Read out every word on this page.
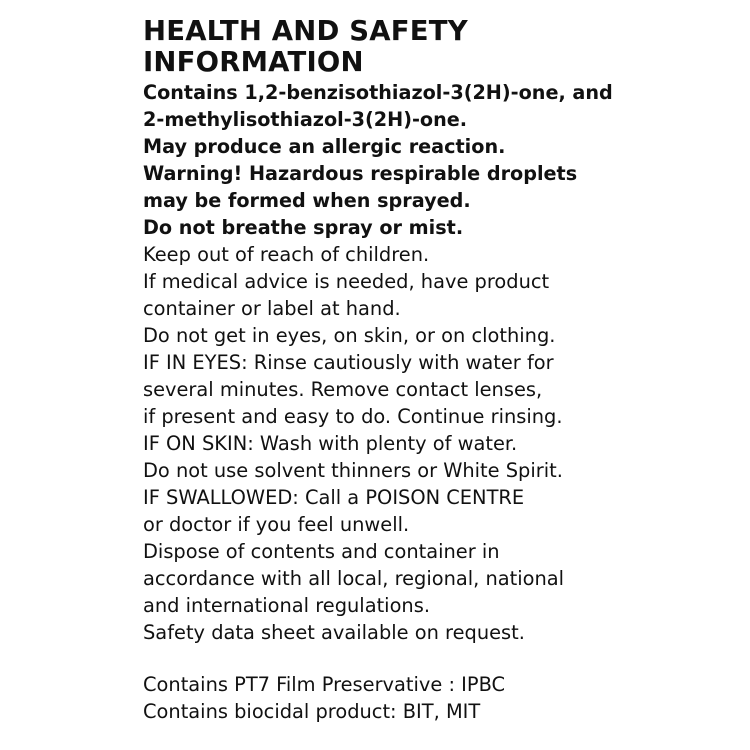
HEALTH AND SAFETY
INFORMATION
Contains 1,2-benzisothiazol-3(2H)-one, and
2-methylisothiazol-3(2H)-one.
May produce an allergic reaction.
Warning! Hazardous respirable droplets
may be formed when sprayed.
Do not breathe spray or mist.
Keep out of reach of children.
If medical advice is needed, have product
container or label at hand.
Do not get in eyes, on skin, or on clothing.
IF IN EYES: Rinse cautiously with water for
several minutes. Remove contact lenses,
if present and easy to do. Continue rinsing.
IF ON SKIN: Wash with plenty of water.
Do not use solvent thinners or White Spirit.
IF SWALLOWED: Call a POISON CENTRE
or doctor if you feel unwell.
Dispose of contents and container in
accordance with all local, regional, national
and international regulations.
Safety data sheet available on request.
Contains PT7 Film Preservative : IPBC
Contains biocidal product: BIT, MIT
